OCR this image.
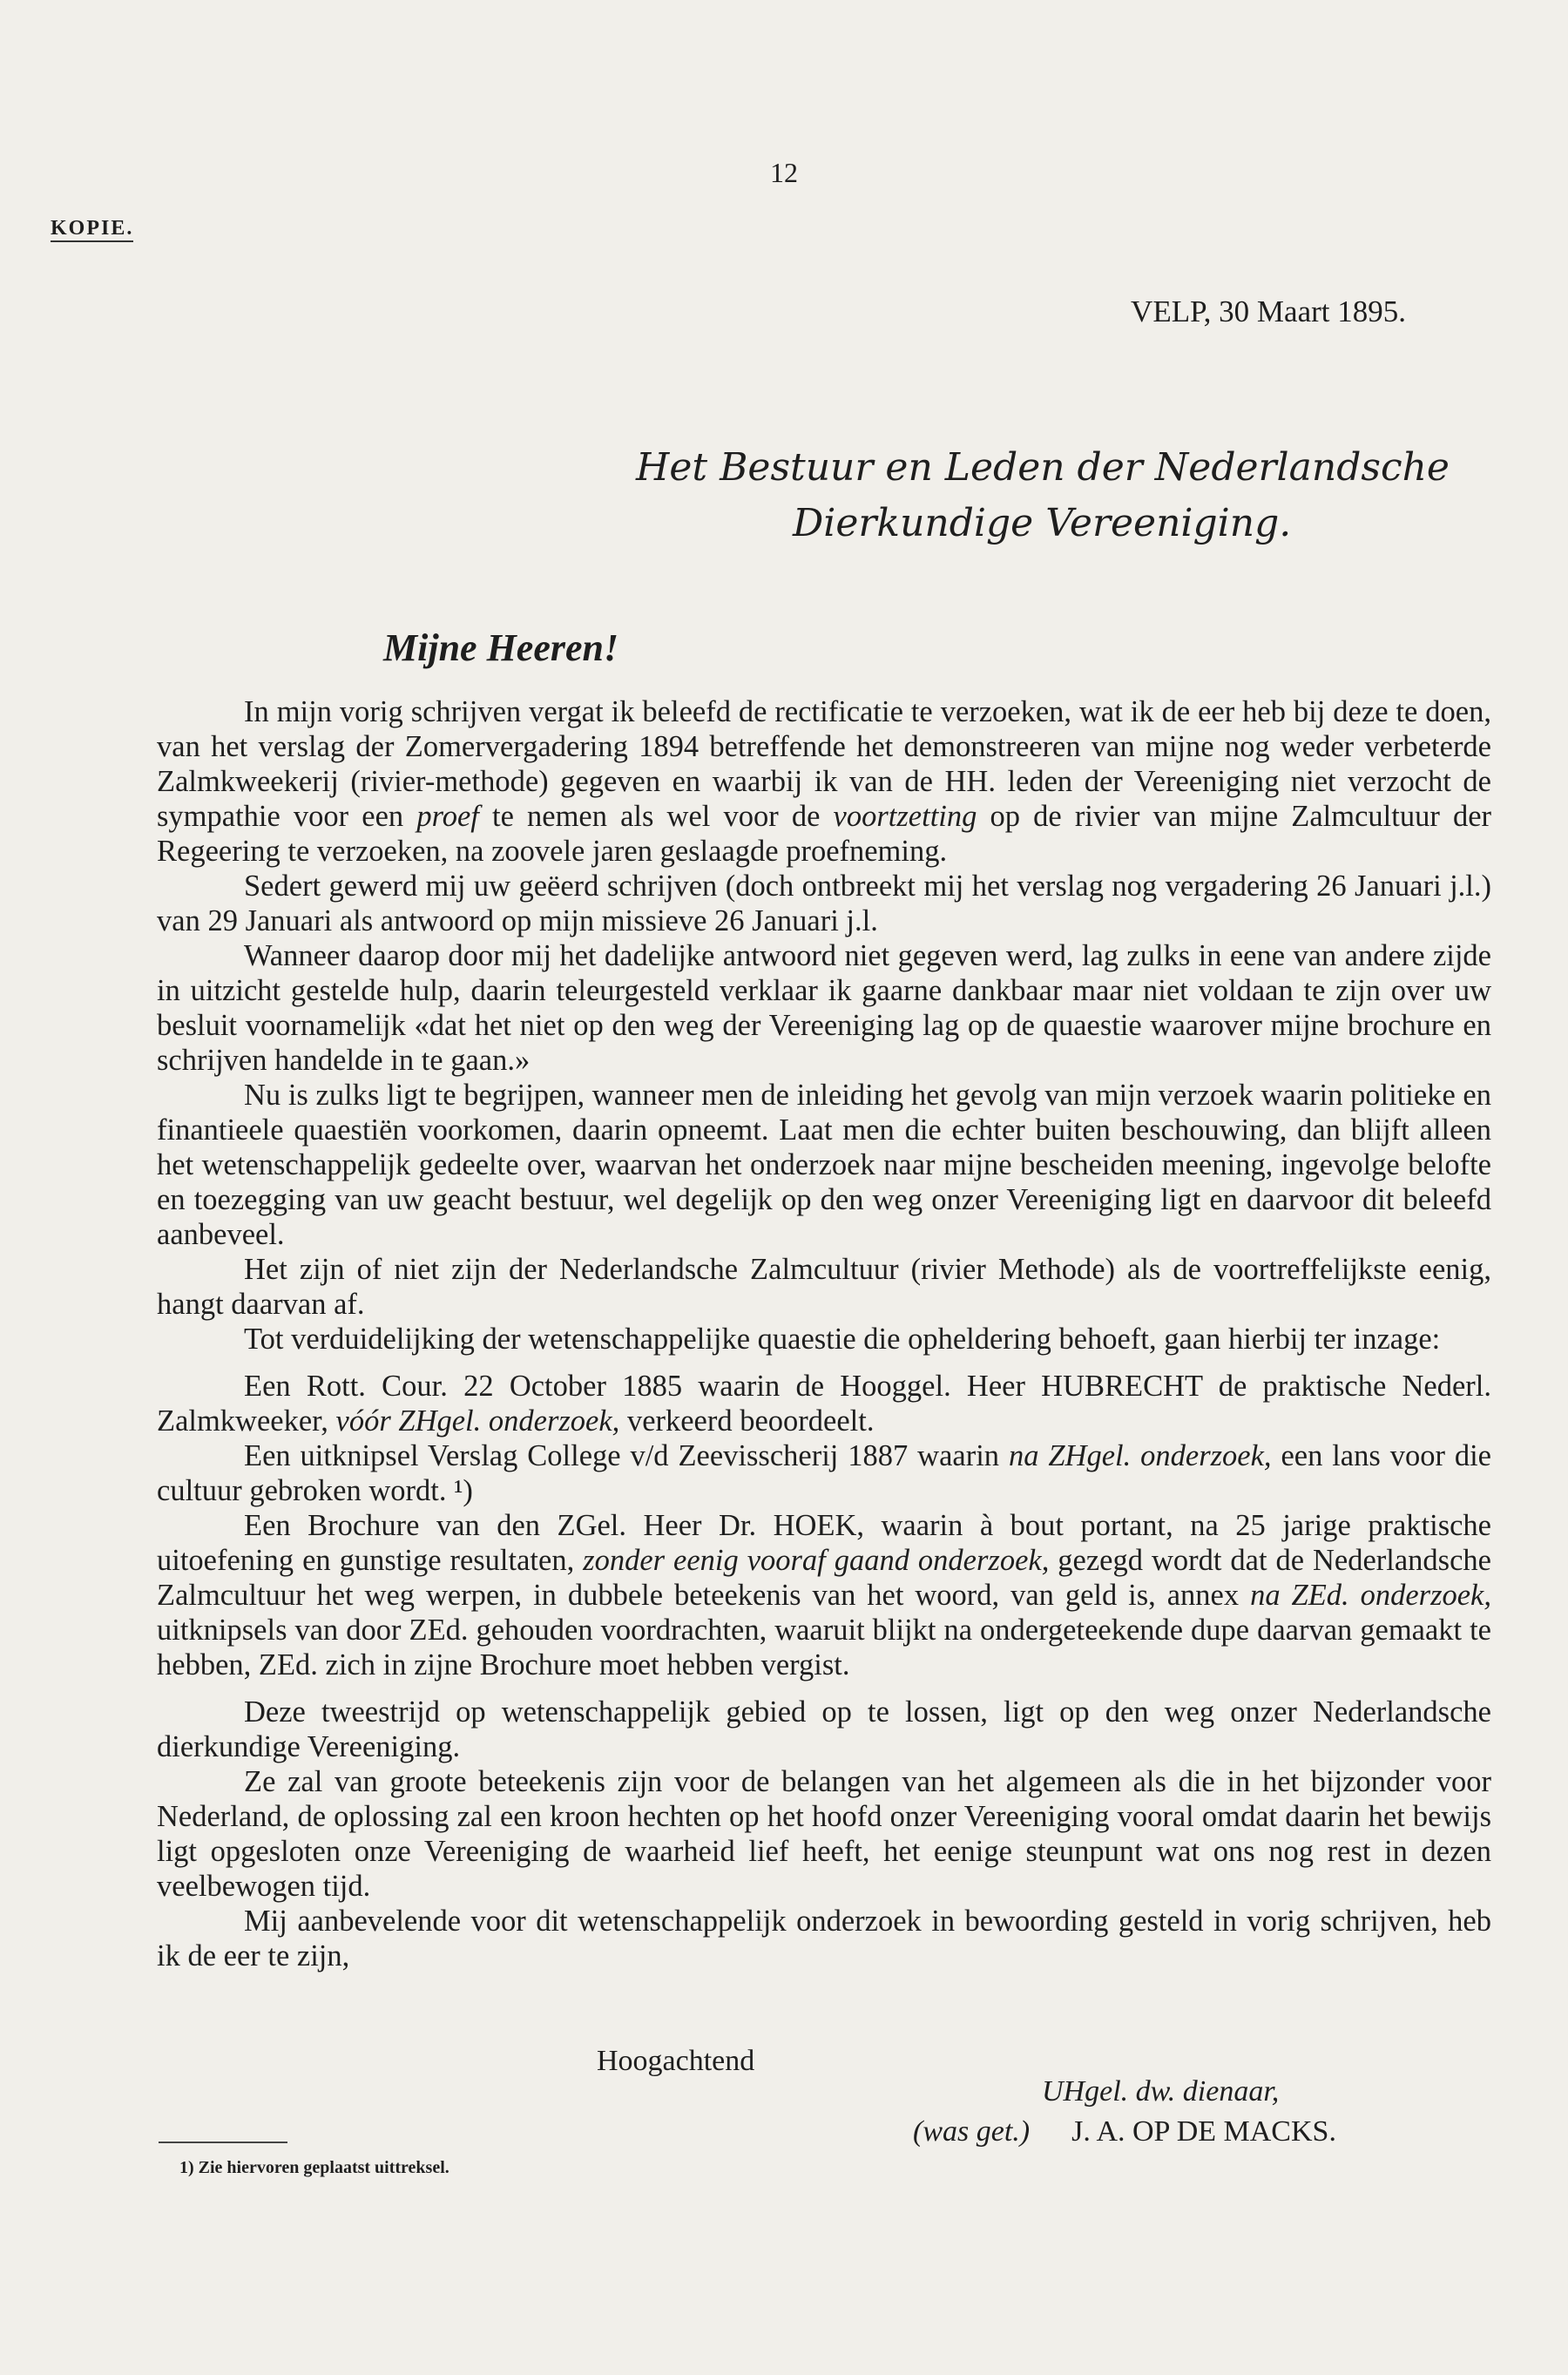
12
KOPIE.
VELP, 30 Maart 1895.
Het Bestuur en Leden der Nederlandsche
Dierkundige Vereeniging.
Mijne Heeren!

In mijn vorig schrijven vergat ik beleefd de rectificatie te verzoeken, wat ik de eer heb bij deze te doen, van het verslag der Zomervergadering 1894 betreffende het demonstreeren van mijne nog weder verbeterde Zalmkweekerij (rivier-methode) gegeven en waarbij ik van de HH. leden der Vereeniging niet verzocht de sympathie voor een proef te nemen als wel voor de voortzetting op de rivier van mijne Zalmcultuur der Regeering te verzoeken, na zoovele jaren geslaagde proefneming.

Sedert gewerd mij uw geëerd schrijven (doch ontbreekt mij het verslag nog vergadering 26 Januari j.l.) van 29 Januari als antwoord op mijn missieve 26 Januari j.l.

Wanneer daarop door mij het dadelijke antwoord niet gegeven werd, lag zulks in eene van andere zijde in uitzicht gestelde hulp, daarin teleurgesteld verklaar ik gaarne dankbaar maar niet voldaan te zijn over uw besluit voornamelijk «dat het niet op den weg der Vereeniging lag op de quaestie waarover mijne brochure en schrijven handelde in te gaan.»

Nu is zulks ligt te begrijpen, wanneer men de inleiding het gevolg van mijn verzoek waarin politieke en finantieele quaestiën voorkomen, daarin opneemt. Laat men die echter buiten beschouwing, dan blijft alleen het wetenschappelijk gedeelte over, waarvan het onderzoek naar mijne bescheiden meening, ingevolge belofte en toezegging van uw geacht bestuur, wel degelijk op den weg onzer Vereeniging ligt en daarvoor dit beleefd aanbeveel.

Het zijn of niet zijn der Nederlandsche Zalmcultuur (rivier Methode) als de voortreffelijkste eenig, hangt daarvan af.

Tot verduidelijking der wetenschappelijke quaestie die opheldering behoeft, gaan hierbij ter inzage:

Een Rott. Cour. 22 October 1885 waarin de Hooggel. Heer HUBRECHT de praktische Nederl. Zalmkweeker, vóór ZHgel. onderzoek, verkeerd beoordeelt.

Een uitknipsel Verslag College v/d Zeevisscherij 1887 waarin na ZHgel. onderzoek, een lans voor die cultuur gebroken wordt. ¹)

Een Brochure van den ZGel. Heer Dr. HOEK, waarin à bout portant, na 25 jarige praktische uitoefening en gunstige resultaten, zonder eenig vooraf gaand onderzoek, gezegd wordt dat de Nederlandsche Zalmcultuur het weg werpen, in dubbele beteekenis van het woord, van geld is, annex na ZEd. onderzoek, uitknipsels van door ZEd. gehouden voordrachten, waaruit blijkt na ondergeteekende dupe daarvan gemaakt te hebben, ZEd. zich in zijne Brochure moet hebben vergist.

Deze tweestrijd op wetenschappelijk gebied op te lossen, ligt op den weg onzer Nederlandsche dierkundige Vereeniging.

Ze zal van groote beteekenis zijn voor de belangen van het algemeen als die in het bijzonder voor Nederland, de oplossing zal een kroon hechten op het hoofd onzer Vereeniging vooral omdat daarin het bewijs ligt opgesloten onze Vereeniging de waarheid lief heeft, het eenige steunpunt wat ons nog rest in dezen veelbewogen tijd.

Mij aanbevelende voor dit wetenschappelijk onderzoek in bewoording gesteld in vorig schrijven, heb ik de eer te zijn,

Hoogachtend
UHgel. dw. dienaar,
(was get.) J. A. OP DE MACKS.
1) Zie hiervoren geplaatst uittreksel.
